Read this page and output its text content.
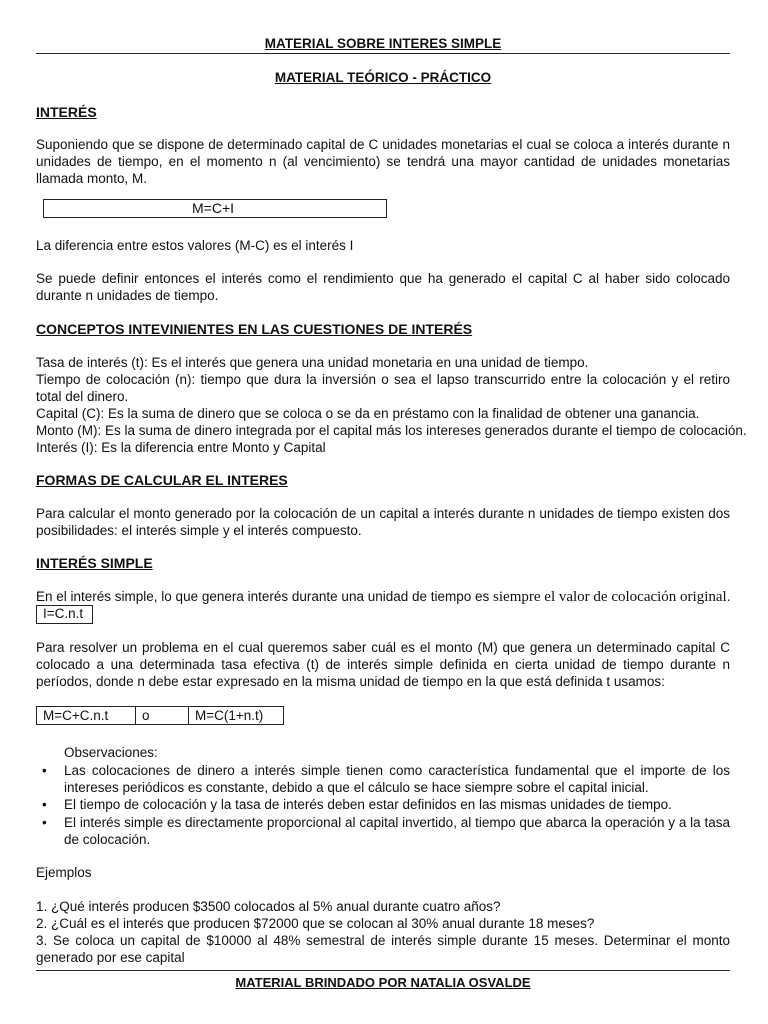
MATERIAL SOBRE INTERES SIMPLE
MATERIAL TEÓRICO - PRÁCTICO
INTERÉS
Suponiendo que se dispone de determinado capital de C unidades monetarias el cual se coloca a interés durante n unidades de tiempo, en el momento n (al vencimiento) se tendrá una mayor cantidad de unidades monetarias llamada monto, M.
M=C+I
La diferencia entre estos valores (M-C) es el interés I
Se puede definir entonces el interés como el rendimiento que ha generado el capital C al haber sido colocado durante n unidades de tiempo.
CONCEPTOS INTEVINIENTES EN LAS CUESTIONES DE INTERÉS
Tasa de interés (t): Es el interés que genera una unidad monetaria en una unidad de tiempo.
Tiempo de colocación (n): tiempo que dura la inversión o sea el lapso transcurrido entre la colocación y el retiro total del dinero.
Capital (C): Es la suma de dinero que se coloca o se da en préstamo con la finalidad de obtener una ganancia.
Monto (M): Es la suma de dinero integrada por el capital más los intereses generados durante el tiempo de colocación.
Interés (I): Es la diferencia entre Monto y Capital
FORMAS DE CALCULAR EL INTERES
Para calcular el monto generado por la colocación de un capital a interés durante n unidades de tiempo existen dos posibilidades: el interés simple y el interés compuesto.
INTERÉS SIMPLE
En el interés simple, lo que genera interés durante una unidad de tiempo es siempre el valor de colocación original.
I=C.n.t
Para resolver un problema en el cual queremos saber cuál es el monto (M) que genera un determinado capital C colocado a una determinada tasa efectiva (t) de interés simple definida en cierta unidad de tiempo durante n períodos, donde n debe estar expresado en la misma unidad de tiempo en la que está definida t usamos:
M=C+C.n.t	o	M=C(1+n.t)
Observaciones:
• Las colocaciones de dinero a interés simple tienen como característica fundamental que el importe de los intereses periódicos es constante, debido a que el cálculo se hace siempre sobre el capital inicial.
• El tiempo de colocación y la tasa de interés deben estar definidos en las mismas unidades de tiempo.
• El interés simple es directamente proporcional al capital invertido, al tiempo que abarca la operación y a la tasa de colocación.
Ejemplos
1. ¿Qué interés producen $3500 colocados al 5% anual durante cuatro años?
2. ¿Cuál es el interés que producen $72000 que se colocan al 30% anual durante 18 meses?
3. Se coloca un capital de $10000 al 48% semestral de interés simple durante 15 meses. Determinar el monto generado por ese capital
MATERIAL BRINDADO POR NATALIA OSVALDE
